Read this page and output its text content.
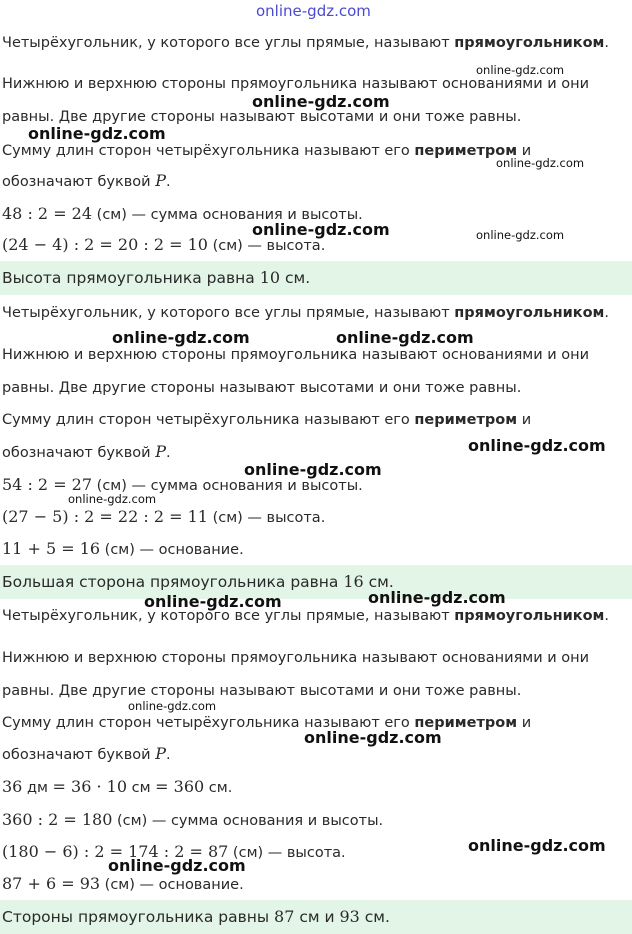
online-gdz.com
Четырёхугольник, у которого все углы прямые, называют прямоугольником.
Нижнюю и верхнюю стороны прямоугольника называют основаниями и они
равны. Две другие стороны называют высотами и они тоже равны.
Сумму длин сторон четырёхугольника называют его периметром и
обозначают буквой P.
48 : 2 = 24 (см) — сумма основания и высоты.
(24 − 4) : 2 = 20 : 2 = 10 (см) — высота.
Высота прямоугольника равна 10 см.
Четырёхугольник, у которого все углы прямые, называют прямоугольником.
Нижнюю и верхнюю стороны прямоугольника называют основаниями и они
равны. Две другие стороны называют высотами и они тоже равны.
Сумму длин сторон четырёхугольника называют его периметром и
обозначают буквой P.
54 : 2 = 27 (см) — сумма основания и высоты.
(27 − 5) : 2 = 22 : 2 = 11 (см) — высота.
11 + 5 = 16 (см) — основание.
Большая сторона прямоугольника равна 16 см.
Четырёхугольник, у которого все углы прямые, называют прямоугольником.
Нижнюю и верхнюю стороны прямоугольника называют основаниями и они
равны. Две другие стороны называют высотами и они тоже равны.
Сумму длин сторон четырёхугольника называют его периметром и
обозначают буквой P.
36 дм = 36 · 10 см = 360 см.
360 : 2 = 180 (см) — сумма основания и высоты.
(180 − 6) : 2 = 174 : 2 = 87 (см) — высота.
87 + 6 = 93 (см) — основание.
Стороны прямоугольника равны 87 см и 93 см.
online-gdz.com
online-gdz.com
online-gdz.com
online-gdz.com
online-gdz.com	online-gdz.com
online-gdz.com	online-gdz.com
online-gdz.com
online-gdz.com
online-gdz.com
online-gdz.com
online-gdz.com
online-gdz.com
online-gdz.com
online-gdz.com
online-gdz.com
